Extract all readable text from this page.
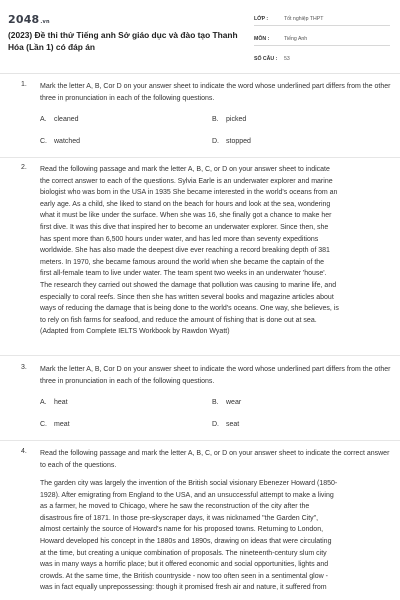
2048.vn
(2023) Đề thi thử Tiếng anh Sở giáo dục và đào tạo Thanh Hóa (Lần 1) có đáp án
LỚP :	Tốt nghiệp THPT
MÔN :	Tiếng Anh
SỐ CÂU : 53
1. Mark the letter A, B, Cor D on your answer sheet to indicate the word whose underlined part differs from the other three in pronunciation in each of the following questions.
A. cleaned	B. picked
C. watched	D. stopped
2. Read the following passage and mark the letter A, B, C, or D on your answer sheet to indicate
the correct answer to each of the questions. Sylvia Earle is an underwater explorer and marine
biologist who was born in the USA in 1935 She became interested in the world's oceans from an
early age. As a child, she liked to stand on the beach for hours and look at the sea, wondering
what it must be like under the surface. When she was 16, she finally got a chance to make her
first dive. It was this dive that inspired her to become an underwater explorer. Since then, she
has spent more than 6,500 hours under water, and has led more than seventy expeditions
worldwide. She has also made the deepest dive ever reaching a record breaking depth of 381
meters. In 1970, she became famous around the world when she became the captain of the
first all-female team to live under water. The team spent two weeks in an underwater 'house'.
The research they carried out showed the damage that pollution was causing to marine life, and
especially to coral reefs. Since then she has written several books and magazine articles about
ways of reducing the damage that is being done to the world's oceans. One way, she believes, is
to rely on fish farms for seafood, and reduce the amount of fishing that is done out at sea.
(Adapted from Complete IELTS Workbook by Rawdon Wyatt)
3. Mark the letter A, B, Cor D on your answer sheet to indicate the word whose underlined part differs from the other three in pronunciation in each of the following questions.
A. heat	B. wear
C. meat	D. seat
4. Read the following passage and mark the letter A, B, C, or D on your answer sheet to indicate the correct answer to each of the questions.
The garden city was largely the invention of the British social visionary Ebenezer Howard (1850-
1928). After emigrating from England to the USA, and an unsuccessful attempt to make a living
as a farmer, he moved to Chicago, where he saw the reconstruction of the city after the
disastrous fire of 1871. In those pre-skyscraper days, it was nicknamed "the Garden City",
almost certainly the source of Howard's name for his proposed towns. Returning to London,
Howard developed his concept in the 1880s and 1890s, drawing on ideas that were circulating
at the time, but creating a unique combination of proposals. The nineteenth-century slum city
was in many ways a horrific place; but it offered economic and social opportunities, lights and
crowds. At the same time, the British countryside - now too often seen in a sentimental glow -
was in fact equally unprepossessing: though it promised fresh air and nature, it suffered from
